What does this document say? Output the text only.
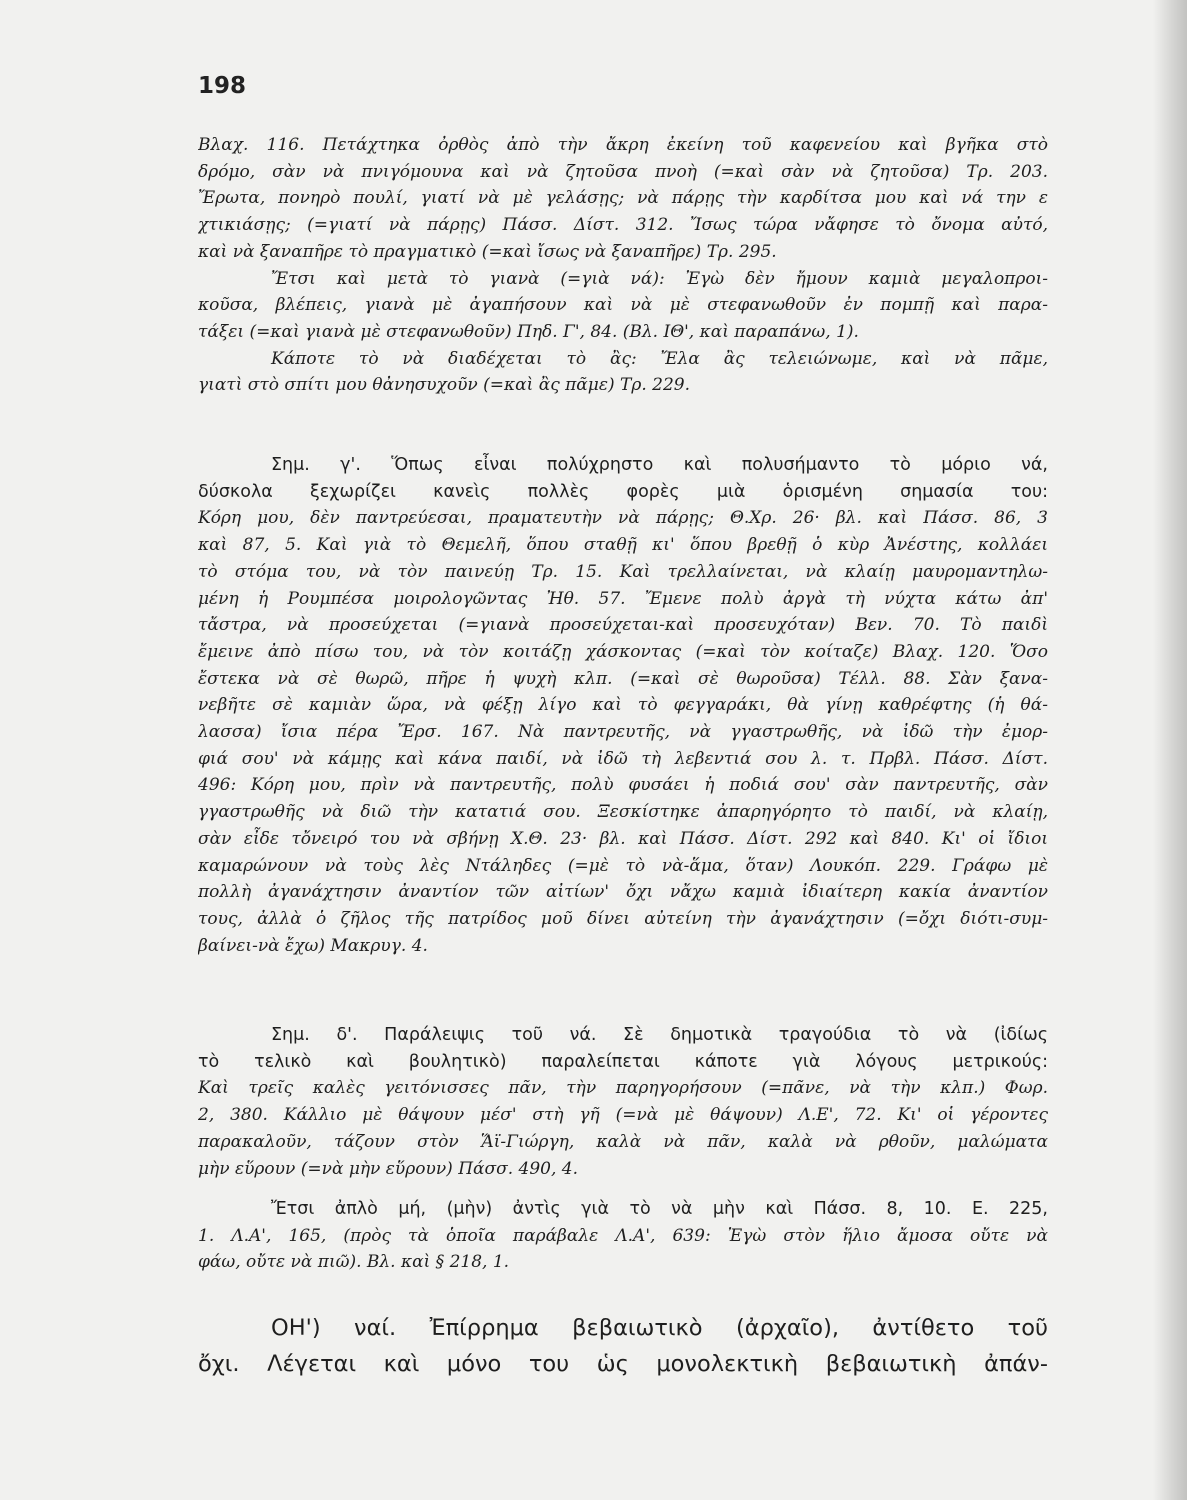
198
Βλαχ. 116. Πετάχτηκα ὀρθὸς ἀπὸ τὴν ἄκρη ἐκείνη τοῦ καφενείου καὶ βγῆκα στὸ
δρόμο, σὰν νὰ πνιγόμουνα καὶ νὰ ζητοῦσα πνοὴ (=καὶ σὰν νὰ ζητοῦσα) Τρ. 203.
Ἔρωτα, πονηρὸ πουλί, γιατί νὰ μὲ γελάσῃς; νὰ πάρῃς τὴν καρδίτσα μου καὶ νά την ε
χτικιάσῃς; (=γιατί νὰ πάρῃς) Πάσσ. Δίστ. 312. Ἴσως τώρα νἄφησε τὸ ὄνομα αὐτό,
καὶ νὰ ξαναπῆρε τὸ πραγματικὸ (=καὶ ἴσως νὰ ξαναπῆρε) Τρ. 295.
Ἔτσι καὶ μετὰ τὸ γιανὰ (=γιὰ νά): Ἐγὼ δὲν ἤμουν καμιὰ μεγαλοπροι-
κοῦσα, βλέπεις, γιανὰ μὲ ἀγαπήσουν καὶ νὰ μὲ στεφανωθοῦν ἐν πομπῇ καὶ παρα-
τάξει (=καὶ γιανὰ μὲ στεφανωθοῦν) Πηδ. Γ', 84. (Βλ. ΙΘ', καὶ παραπάνω, 1).
Κάποτε τὸ νὰ διαδέχεται τὸ ἂς: Ἔλα ἂς τελειώνωμε, καὶ νὰ πᾶμε,
γιατὶ στὸ σπίτι μου θἀνησυχοῦν (=καὶ ἂς πᾶμε) Τρ. 229.
Σημ. γ'. Ὅπως εἶναι πολύχρηστο καὶ πολυσήμαντο τὸ μόριο νά,
δύσκολα ξεχωρίζει κανεὶς πολλὲς φορὲς μιὰ ὁρισμένη σημασία του:
Κόρη μου, δὲν παντρεύεσαι, πραματευτὴν νὰ πάρῃς; Θ.Χρ. 26· βλ. καὶ Πάσσ. 86, 3
καὶ 87, 5. Καὶ γιὰ τὸ Θεμελῆ, ὅπου σταθῇ κι' ὅπου βρεθῇ ὁ κὺρ Ἀνέστης, κολλάει
τὸ στόμα του, νὰ τὸν παινεύῃ Τρ. 15. Καὶ τρελλαίνεται, νὰ κλαίῃ μαυρομαντηλω-
μένη ἡ Ρουμπέσα μοιρολογῶντας Ἠθ. 57. Ἔμενε πολὺ ἀργὰ τὴ νύχτα κάτω ἀπ'
τἄστρα, νὰ προσεύχεται (=γιανὰ προσεύχεται-καὶ προσευχόταν) Βεν. 70. Τὸ παιδὶ
ἔμεινε ἀπὸ πίσω του, νὰ τὸν κοιτάζῃ χάσκοντας (=καὶ τὸν κοίταζε) Βλαχ. 120. Ὅσο
ἔστεκα νὰ σὲ θωρῶ, πῆρε ἡ ψυχὴ κλπ. (=καὶ σὲ θωροῦσα) Τέλλ. 88. Σὰν ξανα-
νεβῆτε σὲ καμιὰν ὥρα, νὰ φέξῃ λίγο καὶ τὸ φεγγαράκι, θὰ γίνῃ καθρέφτης (ἡ θά-
λασσα) ἴσια πέρα Ἔρσ. 167. Νὰ παντρευτῆς, νὰ γγαστρωθῆς, νὰ ἰδῶ τὴν ἐμορ-
φιά σου' νὰ κάμῃς καὶ κάνα παιδί, νὰ ἰδῶ τὴ λεβεντιά σου λ. τ. Πρβλ. Πάσσ. Δίστ.
496: Κόρη μου, πρὶν νὰ παντρευτῆς, πολὺ φυσάει ἡ ποδιά σου' σὰν παντρευτῆς, σὰν
γγαστρωθῆς νὰ διῶ τὴν κατατιά σου. Ξεσκίστηκε ἀπαρηγόρητο τὸ παιδί, νὰ κλαίῃ,
σὰν εἶδε τὄνειρό του νὰ σβήνῃ Χ.Θ. 23· βλ. καὶ Πάσσ. Δίστ. 292 καὶ 840. Κι' οἱ ἴδιοι
καμαρώνουν νὰ τοὺς λὲς Ντάληδες (=μὲ τὸ νὰ-ἅμα, ὅταν) Λουκόπ. 229. Γράφω μὲ
πολλὴ ἀγανάχτησιν ἀναντίον τῶν αἰτίων' ὄχι νἄχω καμιὰ ἰδιαίτερη κακία ἀναντίον
τους, ἀλλὰ ὁ ζῆλος τῆς πατρίδος μοῦ δίνει αὐτείνη τὴν ἀγανάχτησιν (=ὄχι διότι-συμ-
βαίνει-νὰ ἔχω) Μακρυγ. 4.
Σημ. δ'. Παράλειψις τοῦ νά. Σὲ δημοτικὰ τραγούδια τὸ νὰ (ἰδίως
τὸ τελικὸ καὶ βουλητικὸ) παραλείπεται κάποτε γιὰ λόγους μετρικούς:
Καὶ τρεῖς καλὲς γειτόνισσες πᾶν, τὴν παρηγορήσουν (=πᾶνε, νὰ τὴν κλπ.) Φωρ.
2, 380. Κάλλιο μὲ θάψουν μέσ' στὴ γῆ (=νὰ μὲ θάψουν) Λ.Ε', 72. Κι' οἱ γέροντες
παρακαλοῦν, τάζουν στὸν Ἅϊ-Γιώργη, καλὰ νὰ πᾶν, καλὰ νὰ ρθοῦν, μαλώματα
μὴν εὕρουν (=νὰ μὴν εὕρουν) Πάσσ. 490, 4.
Ἔτσι ἀπλὸ μή, (μὴν) ἀντὶς γιὰ τὸ νὰ μὴν καὶ Πάσσ. 8, 10. Ε. 225,
1. Λ.Α', 165, (πρὸς τὰ ὁποῖα παράβαλε Λ.Α', 639: Ἐγὼ στὸν ἥλιο ἄμοσα οὔτε νὰ
φάω, οὔτε νὰ πιῶ). Βλ. καὶ § 218, 1.
ΟΗ') ναί. Ἐπίρρημα βεβαιωτικὸ (ἀρχαῖο), ἀντίθετο τοῦ
ὄχι. Λέγεται καὶ μόνο του ὡς μονολεκτικὴ βεβαιωτικὴ ἀπάν-
